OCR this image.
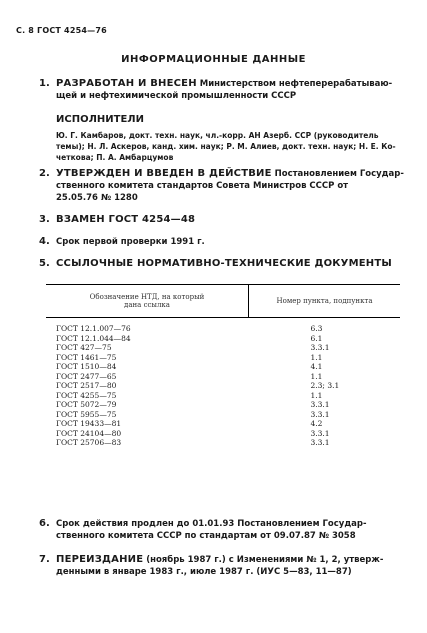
С. 8 ГОСТ 4254—76
ИНФОРМАЦИОННЫЕ ДАННЫЕ
1. РАЗРАБОТАН И ВНЕСЕН Министерством нефтеперерабатываю-
щей и нефтехимической промышленности СССР
ИСПОЛНИТЕЛИ
Ю. Г. Камбаров, докт. техн. наук, чл.-корр. АН Азерб. ССР (руководитель
темы); Н. Л. Аскеров, канд. хим. наук; Р. М. Алиев, докт. техн. наук; Н. Е. Ко-
четкова; П. А. Амбарцумов
2. УТВЕРЖДЕН И ВВЕДЕН В ДЕЙСТВИЕ Постановлением Государ-
ственного комитета стандартов Совета Министров СССР от
25.05.76 № 1280
3. ВЗАМЕН ГОСТ 4254—48
4. Срок первой проверки 1991 г.
5. ССЫЛОЧНЫЕ НОРМАТИВНО-ТЕХНИЧЕСКИЕ ДОКУМЕНТЫ
Обозначение НТД, на который
дана ссылка	Номер пункта, подпункта
ГОСТ 12.1.007—76	6.3
ГОСТ 12.1.044—84	6.1
ГОСТ 427—75	3.3.1
ГОСТ 1461—75	1.1
ГОСТ 1510—84	4.1
ГОСТ 2477—65	1.1
ГОСТ 2517—80	2.3; 3.1
ГОСТ 4255—75	1.1
ГОСТ 5072—79	3.3.1
ГОСТ 5955—75	3.3.1
ГОСТ 19433—81	4.2
ГОСТ 24104—80	3.3.1
ГОСТ 25706—83	3.3.1
6. Срок действия продлен до 01.01.93 Постановлением Государ-
ственного комитета СССР по стандартам от 09.07.87 № 3058
7. ПЕРЕИЗДАНИЕ (ноябрь 1987 г.) с Изменениями № 1, 2, утверж-
денными в январе 1983 г., июле 1987 г. (ИУС 5—83, 11—87)
